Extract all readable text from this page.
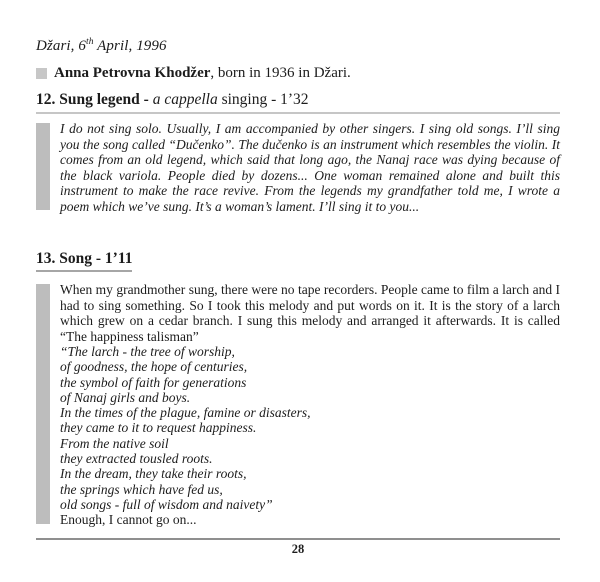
Džari, 6th April, 1996
Anna Petrovna Khodžer, born in 1936 in Džari.
12. Sung legend - a cappella singing - 1’32

I do not sing solo. Usually, I am accompanied by other singers. I sing old songs. I’ll sing you the song called “Dučenko”. The dučenko is an instrument which resembles the violin. It comes from an old legend, which said that long ago, the Nanaj race was dying because of the black variola. People died by dozens... One woman remained alone and built this instrument to make the race revive. From the legends my grandfather told me, I wrote a poem which we’ve sung. It’s a woman’s lament. I’ll sing it to you...

13. Song - 1’11

When my grandmother sung, there were no tape recorders. People came to film a larch and I had to sing something. So I took this melody and put words on it. It is the story of a larch which grew on a cedar branch. I sung this melody and arranged it afterwards. It is called “The happiness talisman”

“The larch - the tree of worship,
of goodness, the hope of centuries,
the symbol of faith for generations
of Nanaj girls and boys.
In the times of the plague, famine or disasters,
they came to it to request happiness.
From the native soil
they extracted tousled roots.
In the dream, they take their roots,
the springs which have fed us,
old songs - full of wisdom and naivety”
Enough, I cannot go on...
28
